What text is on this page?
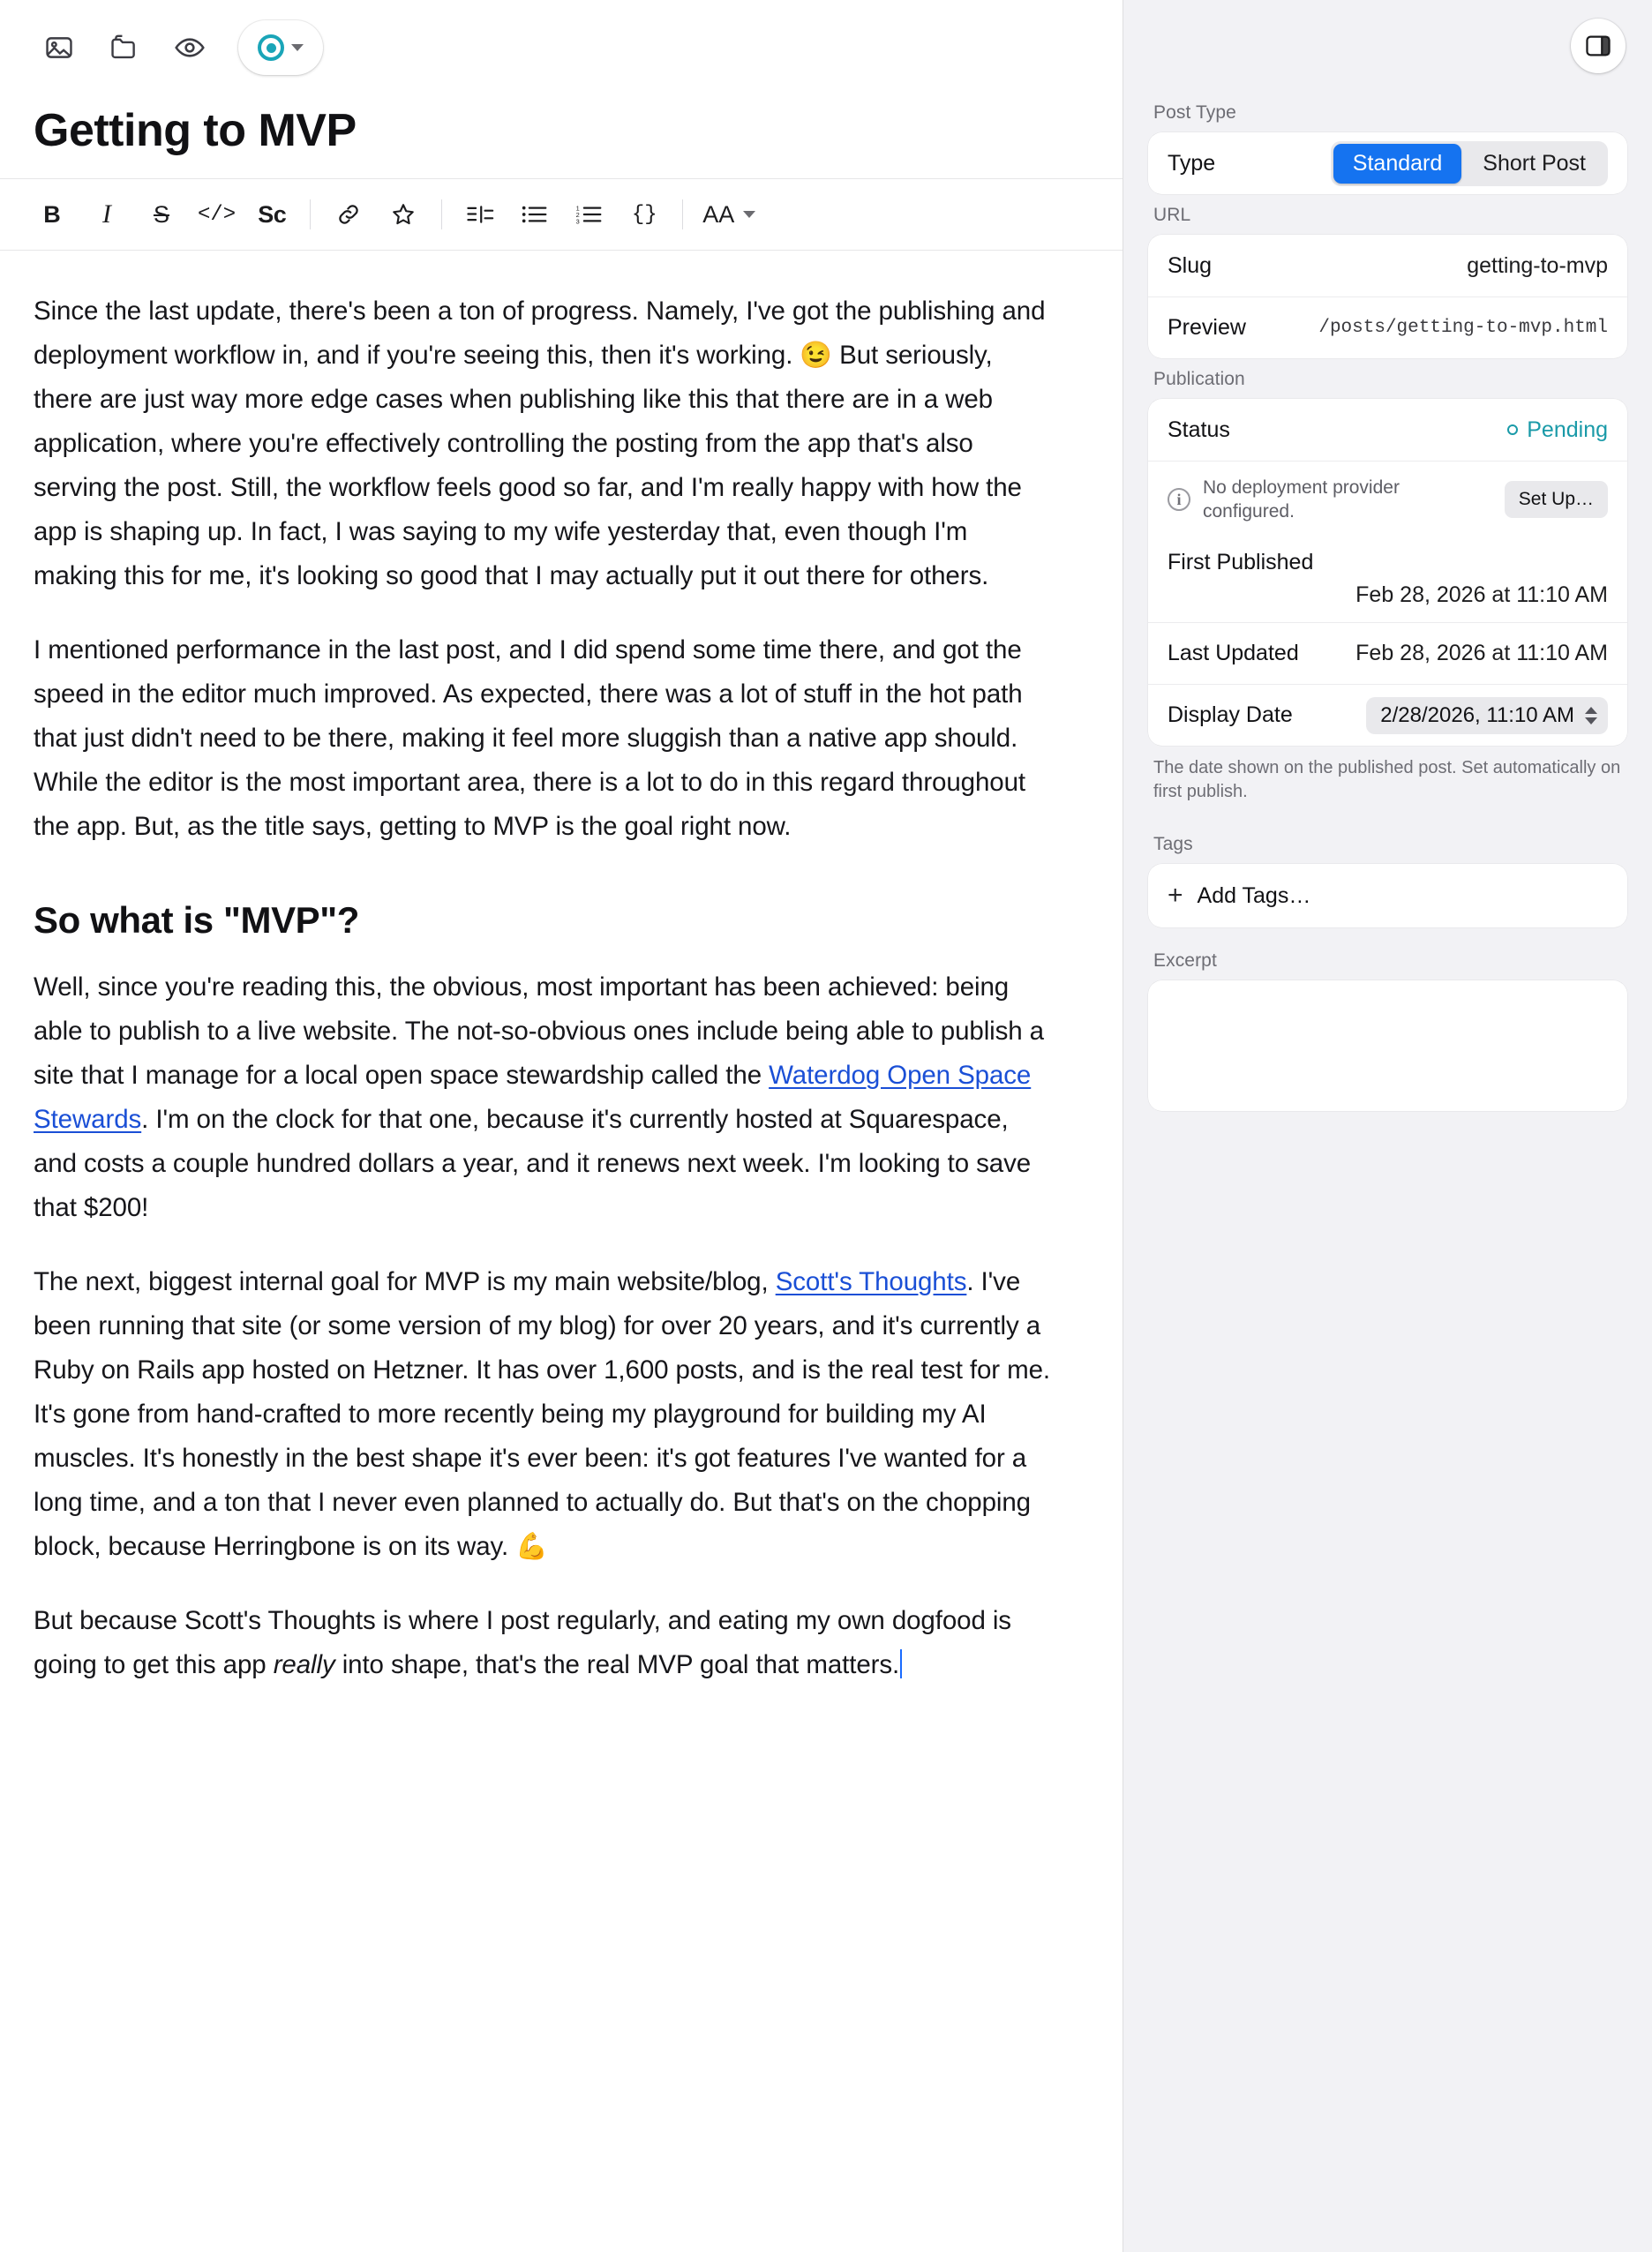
Getting to MVP
B	I	S	</> Sc	1
2
3	{}	AA

Since the last update, there's been a ton of progress. Namely, I've got the publishing and deployment workflow in, and if you're seeing this, then it's working. 😉 But seriously, there are just way more edge cases when publishing like this that there are in a web application, where you're effectively controlling the posting from the app that's also serving the post. Still, the workflow feels good so far, and I'm really happy with how the app is shaping up. In fact, I was saying to my wife yesterday that, even though I'm making this for me, it's looking so good that I may actually put it out there for others.

I mentioned performance in the last post, and I did spend some time there, and got the speed in the editor much improved. As expected, there was a lot of stuff in the hot path that just didn't need to be there, making it feel more sluggish than a native app should. While the editor is the most important area, there is a lot to do in this regard throughout the app. But, as the title says, getting to MVP is the goal right now.

So what is "MVP"?

Well, since you're reading this, the obvious, most important has been achieved: being able to publish to a live website. The not-so-obvious ones include being able to publish a site that I manage for a local open space stewardship called the Waterdog Open Space Stewards. I'm on the clock for that one, because it's currently hosted at Squarespace, and costs a couple hundred dollars a year, and it renews next week. I'm looking to save that $200!

The next, biggest internal goal for MVP is my main website/blog, Scott's Thoughts. I've been running that site (or some version of my blog) for over 20 years, and it's currently a Ruby on Rails app hosted on Hetzner. It has over 1,600 posts, and is the real test for me. It's gone from hand-crafted to more recently being my playground for building my AI muscles. It's honestly in the best shape it's ever been: it's got features I've wanted for a long time, and a ton that I never even planned to actually do. But that's on the chopping block, because Herringbone is on its way. 💪

But because Scott's Thoughts is where I post regularly, and eating my own dogfood is going to get this app really into shape, that's the real MVP goal that matters.

Post Type
Type	Standard	Short Post
URL
Slug	getting-to-mvp
Preview	/posts/getting-to-mvp.html
Publication
Status	Pending
i
No deployment provider configured.
Set Up…
First Published
Feb 28, 2026 at 11:10 AM
Last Updated	Feb 28, 2026 at 11:10 AM
Display Date	2/28/2026, 11:10 AM
The date shown on the published post. Set automatically on first publish.
Tags
+ Add Tags…
Excerpt
